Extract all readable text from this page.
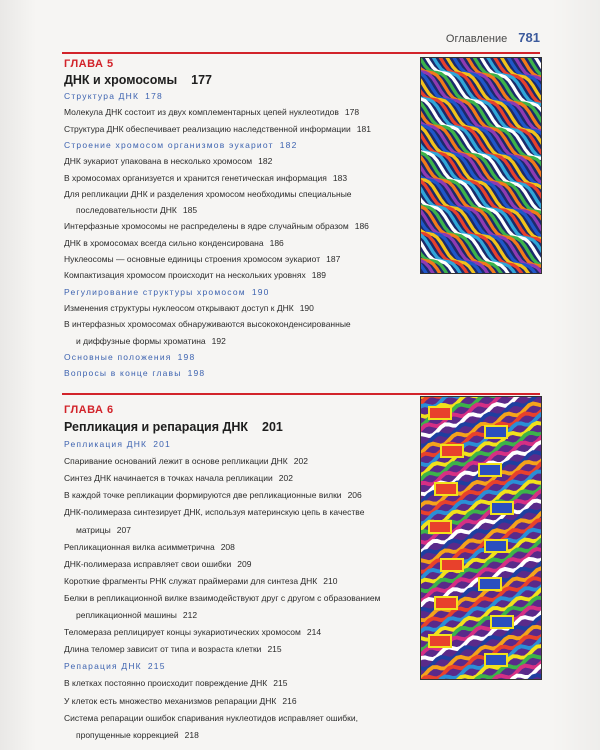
Оглавление 781
ГЛАВА 5
ДНК и хромосомы 177
Структура ДНК 178
Молекула ДНК состоит из двух комплементарных цепей нуклеотидов 178
Структура ДНК обеспечивает реализацию наследственной информации 181
Строение хромосом организмов эукариот 182
ДНК эукариот упакована в несколько хромосом 182
В хромосомах организуется и хранится генетическая информация 183
Для репликации ДНК и разделения хромосом необходимы специальные
последовательности ДНК 185
Интерфазные хромосомы не распределены в ядре случайным образом 186
ДНК в хромосомах всегда сильно конденсирована 186
Нуклеосомы — основные единицы строения хромосом эукариот 187
Компактизация хромосом происходит на нескольких уровнях 189
Регулирование структуры хромосом 190
Изменения структуры нуклеосом открывают доступ к ДНК 190
В интерфазных хромосомах обнаруживаются высококонденсированные
и диффузные формы хроматина 192
Основные положения 198
Вопросы в конце главы 198
ГЛАВА 6
Репликация и репарация ДНК 201
Репликация ДНК 201
Спаривание оснований лежит в основе репликации ДНК 202
Синтез ДНК начинается в точках начала репликации 202
В каждой точке репликации формируются две репликационные вилки 206
ДНК-полимераза синтезирует ДНК, используя материнскую цепь в качестве
матрицы 207
Репликационная вилка асимметрична 208
ДНК-полимераза исправляет свои ошибки 209
Короткие фрагменты РНК служат праймерами для синтеза ДНК 210
Белки в репликационной вилке взаимодействуют друг с другом с образованием
репликационной машины 212
Теломераза реплицирует концы эукариотических хромосом 214
Длина теломер зависит от типа и возраста клетки 215
Репарация ДНК 215
В клетках постоянно происходит повреждение ДНК 215
У клеток есть множество механизмов репарации ДНК 216
Система репарации ошибок спаривания нуклеотидов исправляет ошибки,
пропущенные коррекцией 218
